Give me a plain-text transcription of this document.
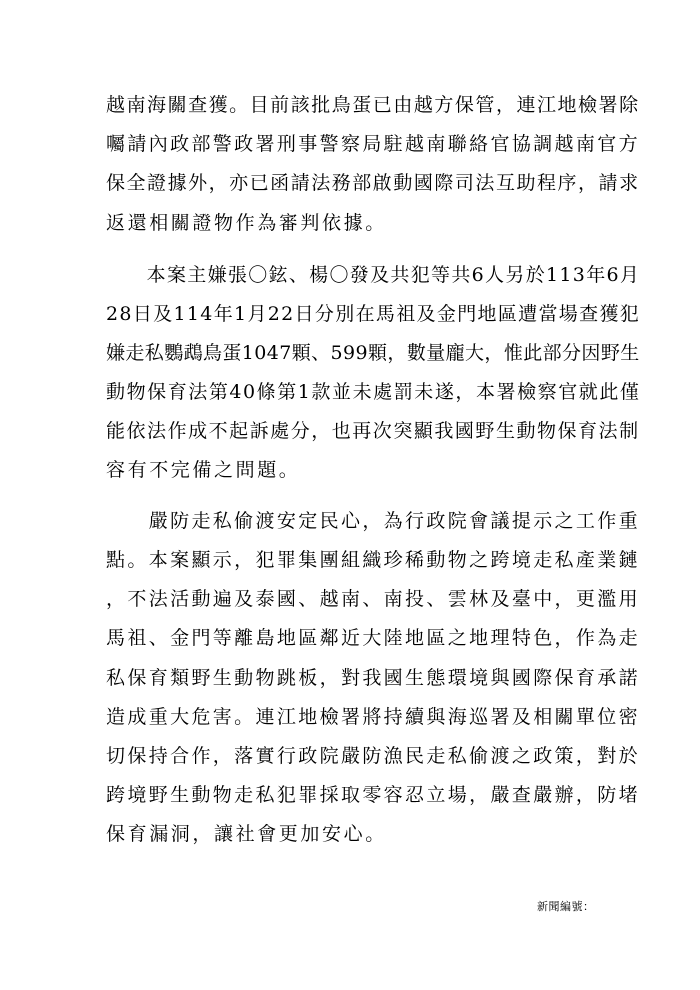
越南海關查獲。目前該批鳥蛋已由越方保管，連江地檢署除
囑請內政部警政署刑事警察局駐越南聯絡官協調越南官方
保全證據外，亦已函請法務部啟動國際司法互助程序，請求
返還相關證物作為審判依據。
　　本案主嫌張〇鉉、楊〇發及共犯等共6人另於113年6月
28日及114年1月22日分別在馬祖及金門地區遭當場查獲犯
嫌走私鸚鵡鳥蛋1047顆、599顆，數量龐大，惟此部分因野生
動物保育法第40條第1款並未處罰未遂，本署檢察官就此僅
能依法作成不起訴處分，也再次突顯我國野生動物保育法制
容有不完備之問題。
　　嚴防走私偷渡安定民心，為行政院會議提示之工作重
點。本案顯示，犯罪集團組織珍稀動物之跨境走私產業鏈
，不法活動遍及泰國、越南、南投、雲林及臺中，更濫用
馬祖、金門等離島地區鄰近大陸地區之地理特色，作為走
私保育類野生動物跳板，對我國生態環境與國際保育承諾
造成重大危害。連江地檢署將持續與海巡署及相關單位密
切保持合作，落實行政院嚴防漁民走私偷渡之政策，對於
跨境野生動物走私犯罪採取零容忍立場，嚴查嚴辦，防堵
保育漏洞，讓社會更加安心。
新聞編號：
